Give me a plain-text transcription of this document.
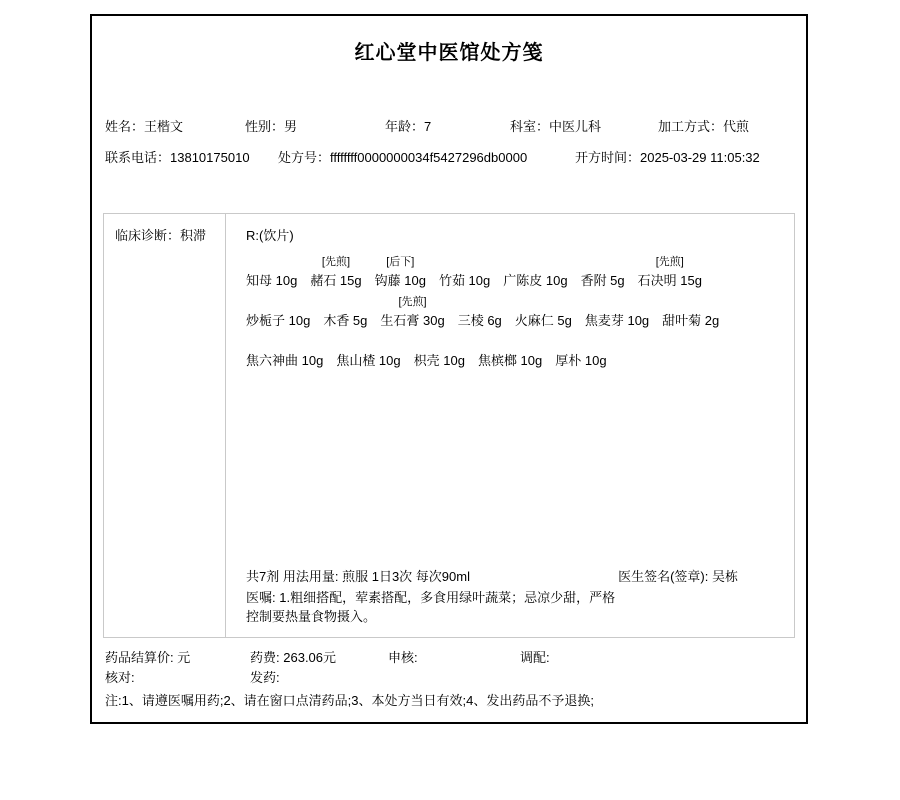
红心堂中医馆处方笺
姓名：王楷文	性别：男	年龄：7	科室：中医儿科	加工方式：代煎
联系电话：13810175010 处方号：ffffffff0000000034f5427296db0000	开方时间：2025-03-29 11:05:32
临床诊断：积滞	R:(饮片)

知母 10g
[先煎]
赭石 15g
[后下]
钩藤 10g
竹茹 10g
广陈皮 10g
香附 5g
[先煎]
石决明 15g

炒栀子 10g
木香 5g
[先煎]
生石膏 30g
三棱 6g
火麻仁 5g
焦麦芽 10g
甜叶菊 2g

焦六神曲 10g
焦山楂 10g
枳壳 10g
焦槟榔 10g
厚朴 10g
共7剂 用法用量: 煎服 1日3次 每次90ml	医生签名(签章): 吴栋
医嘱: 1.粗细搭配，荤素搭配，多食用绿叶蔬菜；忌凉少甜，严格
控制要热量食物摄入。
药品结算价: 元	药费: 263.06元	申核:	调配:
核对:	发药:
注:1、请遵医嘱用药;2、请在窗口点清药品;3、本处方当日有效;4、发出药品不予退换;
